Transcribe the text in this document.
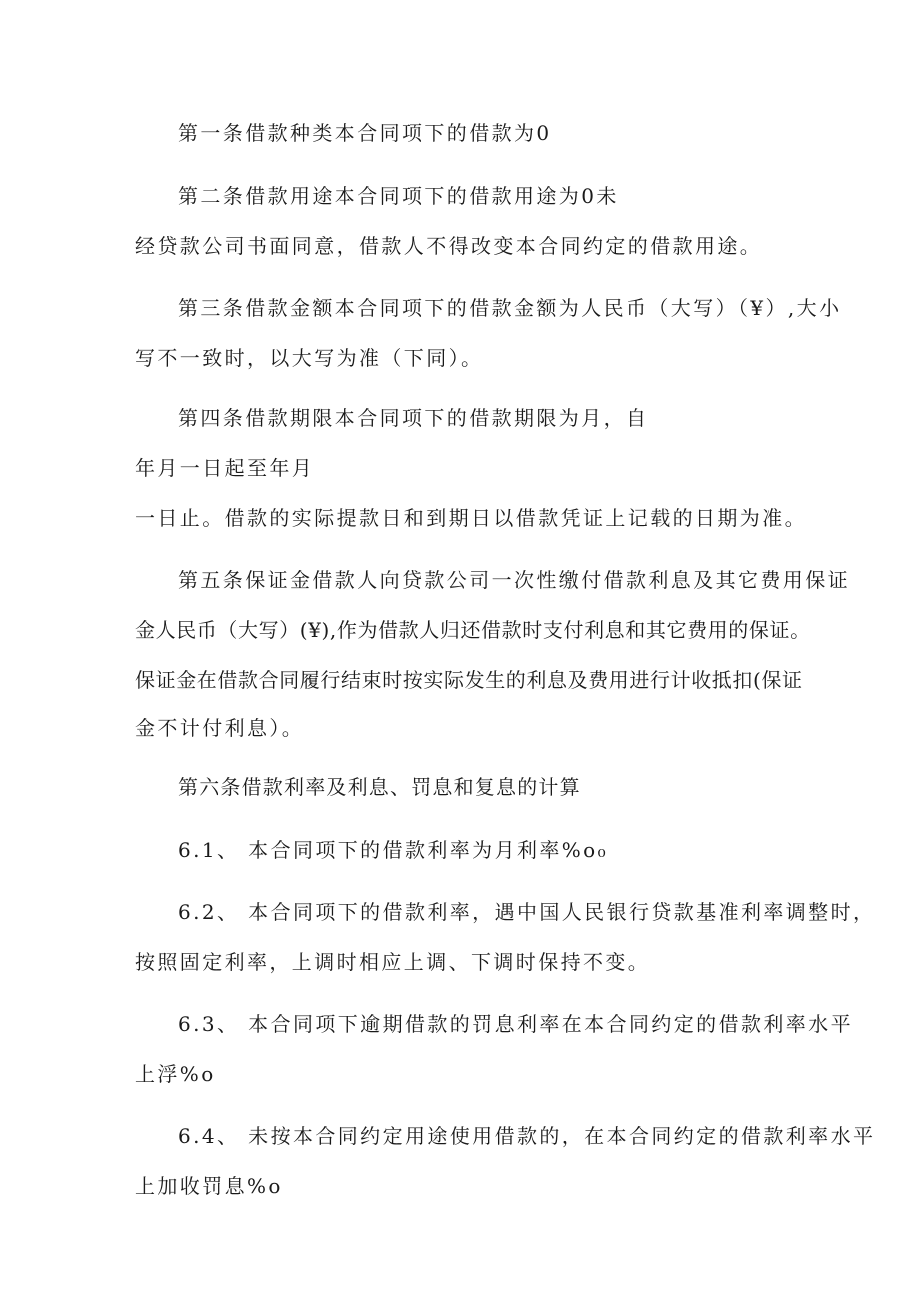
第一条借款种类本合同项下的借款为0
第二条借款用途本合同项下的借款用途为0未
经贷款公司书面同意，借款人不得改变本合同约定的借款用途。
第三条借款金额本合同项下的借款金额为人民币（大写）（¥）,大小
写不一致时，以大写为准（下同）。
第四条借款期限本合同项下的借款期限为月，自
年月一日起至年月
一日止。借款的实际提款日和到期日以借款凭证上记载的日期为准。
第五条保证金借款人向贷款公司一次性缴付借款利息及其它费用保证
金人民币（大写）(¥),作为借款人归还借款时支付利息和其它费用的保证。
保证金在借款合同履行结束时按实际发生的利息及费用进行计收抵扣(保证
金不计付利息）。
第六条借款利率及利息、罚息和复息的计算
6.1、 本合同项下的借款利率为月利率%o₀
6.2、 本合同项下的借款利率，遇中国人民银行贷款基准利率调整时，
按照固定利率，上调时相应上调、下调时保持不变。
6.3、 本合同项下逾期借款的罚息利率在本合同约定的借款利率水平
上浮%o
6.4、 未按本合同约定用途使用借款的，在本合同约定的借款利率水平
上加收罚息%o
